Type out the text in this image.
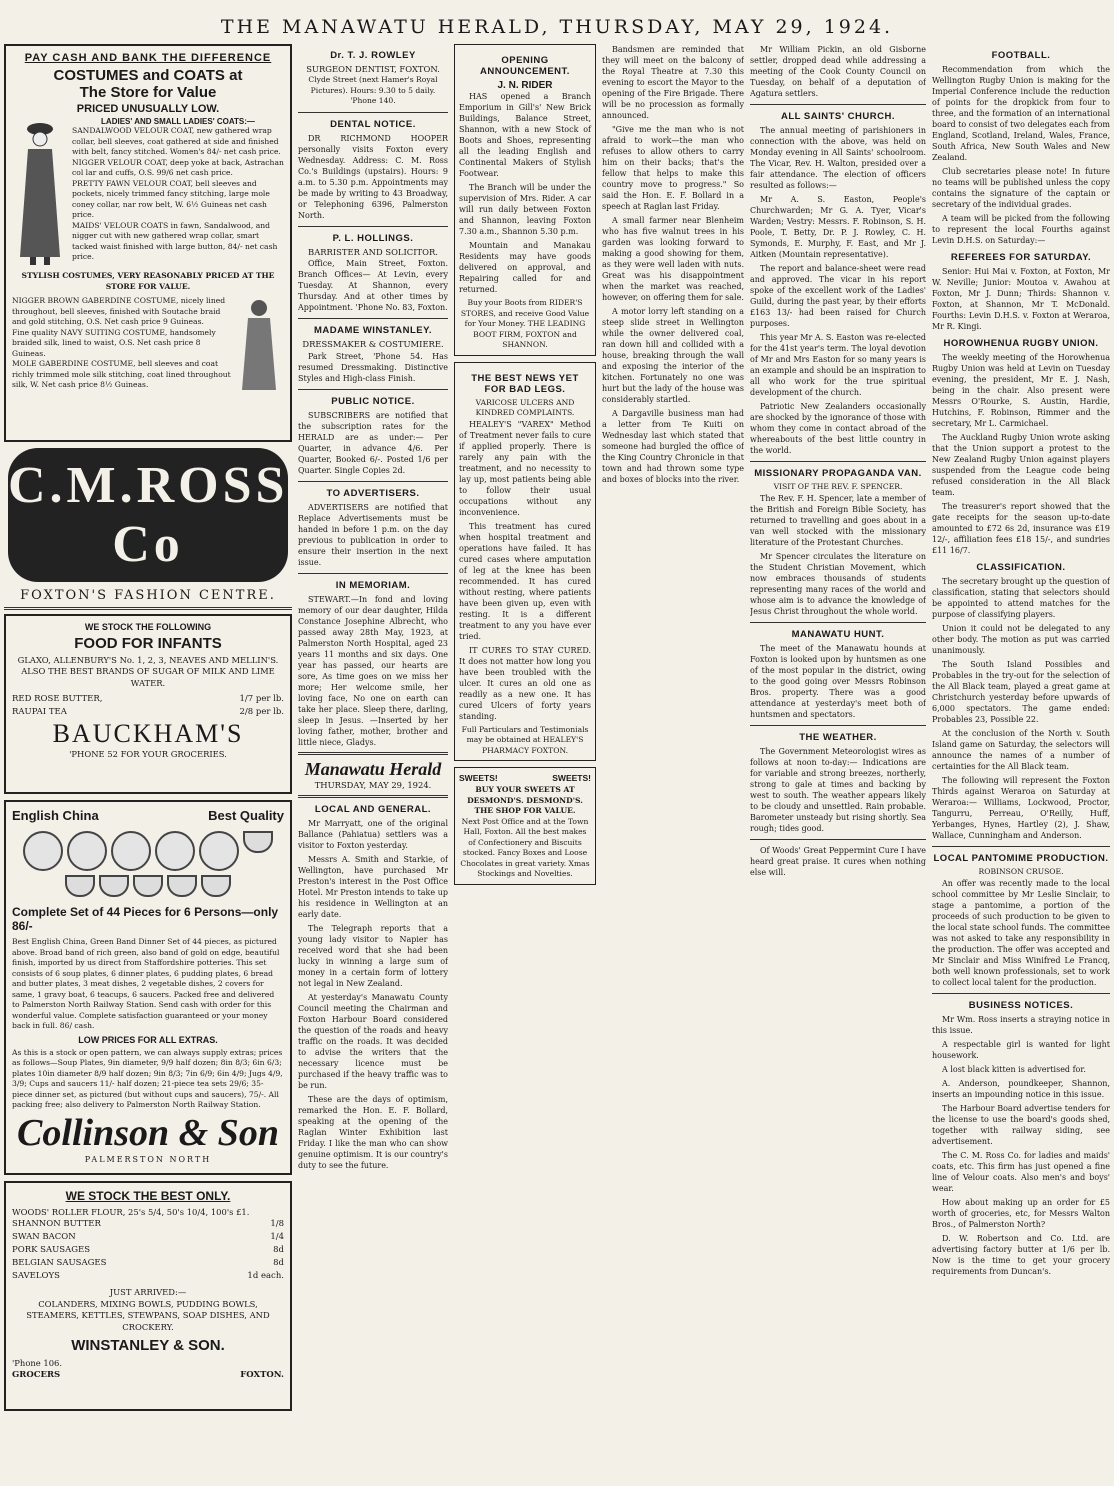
THE MANAWATU HERALD, THURSDAY, MAY 29, 1924.
PAY CASH AND BANK THE DIFFERENCE
COSTUMES and COATS at
The Store for Value
PRICED UNUSUALLY LOW.
LADIES' AND SMALL LADIES' COATS:—
SANDALWOOD VELOUR COAT, new gathered wrap collar, bell sleeves, coat gathered at side and finished with belt, fancy stitched. Women's 84/- net cash price.
NIGGER VELOUR COAT, deep yoke at back, Astrachan col lar and cuffs, O.S. 99/6 net cash price.
PRETTY FAWN VELOUR COAT, bell sleeves and pockets, nicely trimmed fancy stitching, large mole coney collar, nar row belt, W. 6½ Guineas net cash price.
MAIDS' VELOUR COATS in fawn, Sandalwood, and nigger cut with new gathered wrap collar, smart tacked waist finished with large button, 84/- net cash price.
STYLISH COSTUMES, VERY REASONABLY PRICED AT THE STORE FOR VALUE.
NIGGER BROWN GABERDINE COSTUME, nicely lined throughout, bell sleeves, finished with Soutache braid and gold stitching, O.S. Net cash price 9 Guineas.
Fine quality NAVY SUITING COSTUME, handsomely braided silk, lined to waist, O.S. Net cash price 8 Guineas.
MOLE GABERDINE COSTUME, bell sleeves and coat richly trimmed mole silk stitching, coat lined throughout silk, W. Net cash price 8½ Guineas.
C.M.ROSS Co
FOXTON'S FASHION CENTRE.
WE STOCK THE FOLLOWING
FOOD FOR INFANTS
GLAXO, ALLENBURY'S No. 1, 2, 3, NEAVES AND MELLIN'S.
ALSO THE BEST BRANDS OF SUGAR OF MILK AND LIME WATER.
RED ROSE BUTTER,	1/7 per lb.
RAUPAI TEA	2/8 per lb.
BAUCKHAM'S
'PHONE 52 FOR YOUR GROCERIES.
English China	Best Quality
Complete Set of 44 Pieces for 6 Persons—only 86/-
Best English China, Green Band Dinner Set of 44 pieces, as pictured above. Broad band of rich green, also band of gold on edge, beautiful finish, imported by us direct from Staffordshire potteries. This set consists of 6 soup plates, 6 dinner plates, 6 pudding plates, 6 bread and butter plates, 3 meat dishes, 2 vegetable dishes, 2 covers for same, 1 gravy boat, 6 teacups, 6 saucers. Packed free and delivered to Palmerston North Railway Station. Send cash with order for this wonderful value. Complete satisfaction guaranteed or your money back in full. 86/ cash.
LOW PRICES FOR ALL EXTRAS.
As this is a stock or open pattern, we can always supply extras; prices as follows—Soup Plates, 9in diameter, 9/9 half dozen; 8in 8/3; 6in 6/3; plates 10in diameter 8/9 half dozen; 9in 8/3; 7in 6/9; 6in 4/9; Jugs 4/9, 3/9; Cups and saucers 11/- half dozen; 21-piece tea sets 29/6; 35-piece dinner set, as pictured (but without cups and saucers), 75/-. All packing free; also delivery to Palmerston North Railway Station.
Collinson & Son
PALMERSTON NORTH
WE STOCK THE BEST ONLY.
WOODS' ROLLER FLOUR, 25's 5/4, 50's 10/4, 100's £1.
SHANNON BUTTER	1/8
SWAN BACON	1/4
PORK SAUSAGES	8d
BELGIAN SAUSAGES	8d
SAVELOYS	1d each.
JUST ARRIVED:—
COLANDERS, MIXING BOWLS, PUDDING BOWLS, STEAMERS, KETTLES, STEWPANS, SOAP DISHES, AND CROCKERY.
WINSTANLEY & SON.
'Phone 106.
GROCERS	FOXTON.
Dr. T. J. ROWLEY
SURGEON DENTIST, FOXTON.
Clyde Street (next Hamer's Royal Pictures). Hours: 9.30 to 5 daily. 'Phone 140.
DENTAL NOTICE.
DR RICHMOND HOOPER personally visits Foxton every Wednesday. Address: C. M. Ross Co.'s Buildings (upstairs). Hours: 9 a.m. to 5.30 p.m. Appointments may be made by writing to 43 Broadway, or Telephoning 6396, Palmerston North.
P. L. HOLLINGS.
BARRISTER AND SOLICITOR.
Office, Main Street, Foxton. Branch Offices— At Levin, every Tuesday. At Shannon, every Thursday. And at other times by Appointment. 'Phone No. 83, Foxton.
MADAME WINSTANLEY.
DRESSMAKER & COSTUMIERE.
Park Street, 'Phone 54. Has resumed Dressmaking. Distinctive Styles and High-class Finish.
PUBLIC NOTICE.
SUBSCRIBERS are notified that the subscription rates for the HERALD are as under:— Per Quarter, in advance 4/6. Per Quarter, Booked 6/-. Posted 1/6 per Quarter. Single Copies 2d.
TO ADVERTISERS.
ADVERTISERS are notified that Replace Advertisements must be handed in before 1 p.m. on the day previous to publication in order to ensure their insertion in the next issue.
IN MEMORIAM.
STEWART.—In fond and loving memory of our dear daughter, Hilda Constance Josephine Albrecht, who passed away 28th May, 1923, at Palmerston North Hospital, aged 23 years 11 months and six days. One year has passed, our hearts are sore, As time goes on we miss her more; Her welcome smile, her loving face, No one on earth can take her place. Sleep there, darling, sleep in Jesus. —Inserted by her loving father, mother, brother and little niece, Gladys.
Manawatu Herald
THURSDAY, MAY 29, 1924.
LOCAL AND GENERAL.
Mr Marryatt, one of the original Ballance (Pahiatua) settlers was a visitor to Foxton yesterday.
Messrs A. Smith and Starkie, of Wellington, have purchased Mr Preston's interest in the Post Office Hotel. Mr Preston intends to take up his residence in Wellington at an early date.
The Telegraph reports that a young lady visitor to Napier has received word that she had been lucky in winning a large sum of money in a certain form of lottery not legal in New Zealand.
At yesterday's Manawatu County Council meeting the Chairman and Foxton Harbour Board considered the question of the roads and heavy traffic on the roads. It was decided to advise the writers that the necessary licence must be purchased if the heavy traffic was to be run.
These are the days of optimism, remarked the Hon. E. F. Bollard, speaking at the opening of the Raglan Winter Exhibition last Friday. I like the man who can show genuine optimism. It is our country's duty to see the future.
OPENING ANNOUNCEMENT.
J. N. RIDER
HAS opened a Branch Emporium in Gill's' New Brick Buildings, Balance Street, Shannon, with a new Stock of Boots and Shoes, representing all the leading English and Continental Makers of Stylish Footwear.
The Branch will be under the supervision of Mrs. Rider. A car will run daily between Foxton and Shannon, leaving Foxton 7.30 a.m., Shannon 5.30 p.m.
Mountain and Manakau Residents may have goods delivered on approval, and Repairing called for and returned.
Buy your Boots from RIDER'S STORES, and receive Good Value for Your Money. THE LEADING BOOT FIRM, FOXTON and SHANNON.
THE BEST NEWS YET FOR BAD LEGS.
VARICOSE ULCERS AND KINDRED COMPLAINTS.
HEALEY'S "VAREX" Method of Treatment never fails to cure if applied properly. There is rarely any pain with the treatment, and no necessity to lay up, most patients being able to follow their usual occupations without any inconvenience.
This treatment has cured when hospital treatment and operations have failed. It has cured cases where amputation of leg at the knee has been recommended. It has cured without resting, where patients have been given up, even with resting. It is a different treatment to any you have ever tried.
IT CURES TO STAY CURED. It does not matter how long you have been troubled with the ulcer. It cures an old one as readily as a new one. It has cured Ulcers of forty years standing.
Full Particulars and Testimonials may be obtained at HEALEY'S PHARMACY FOXTON.
SWEETS!	SWEETS!
BUY YOUR SWEETS AT DESMOND'S. DESMOND'S. THE SHOP FOR VALUE.
Next Post Office and at the Town Hall, Foxton. All the best makes of Confectionery and Biscuits stocked. Fancy Boxes and Loose Chocolates in great variety. Xmas Stockings and Novelties.
Bandsmen are reminded that they will meet on the balcony of the Royal Theatre at 7.30 this evening to escort the Mayor to the opening of the Fire Brigade. There will be no procession as formally announced.
"Give me the man who is not afraid to work—the man who refuses to allow others to carry him on their backs; that's the fellow that helps to make this country move to progress." So said the Hon. E. F. Bollard in a speech at Raglan last Friday.
A small farmer near Blenheim who has five walnut trees in his garden was looking forward to making a good showing for them, as they were well laden with nuts. Great was his disappointment when the market was reached, however, on offering them for sale.
A motor lorry left standing on a steep slide street in Wellington while the owner delivered coal, ran down hill and collided with a house, breaking through the wall and exposing the interior of the kitchen. Fortunately no one was hurt but the lady of the house was considerably startled.
A Dargaville business man had a letter from Te Kuiti on Wednesday last which stated that someone had burgled the office of the King Country Chronicle in that town and had thrown some type and boxes of blocks into the river.
Mr William Pickin, an old Gisborne settler, dropped dead while addressing a meeting of the Cook County Council on Tuesday, on behalf of a deputation of Agatura settlers.
ALL SAINTS' CHURCH.
The annual meeting of parishioners in connection with the above, was held on Monday evening in All Saints' schoolroom. The Vicar, Rev. H. Walton, presided over a fair attendance. The election of officers resulted as follows:—
Mr A. S. Easton, People's Churchwarden; Mr G. A. Tyer, Vicar's Warden; Vestry: Messrs. F. Robinson, S. H. Poole, T. Betty, Dr. P. J. Rowley, C. H. Symonds, E. Murphy, F. East, and Mr J. Aitken (Mountain representative).
The report and balance-sheet were read and approved. The vicar in his report spoke of the excellent work of the Ladies' Guild, during the past year, by their efforts £163 13/- had been raised for Church purposes.
This year Mr A. S. Easton was re-elected for the 41st year's term. The loyal devotion of Mr and Mrs Easton for so many years is an example and should be an inspiration to all who work for the true spiritual development of the church.
Patriotic New Zealanders occasionally are shocked by the ignorance of those with whom they come in contact abroad of the whereabouts of the best little country in the world.
MISSIONARY PROPAGANDA VAN.
VISIT OF THE REV. F. SPENCER.
The Rev. F. H. Spencer, late a member of the British and Foreign Bible Society, has returned to travelling and goes about in a van well stocked with the missionary literature of the Protestant Churches.
Mr Spencer circulates the literature on the Student Christian Movement, which now embraces thousands of students representing many races of the world and whose aim is to advance the knowledge of Jesus Christ throughout the whole world.
MANAWATU HUNT.
The meet of the Manawatu hounds at Foxton is looked upon by huntsmen as one of the most popular in the district, owing to the good going over Messrs Robinson Bros. property. There was a good attendance at yesterday's meet both of huntsmen and spectators.
THE WEATHER.
The Government Meteorologist wires as follows at noon to-day:— Indications are for variable and strong breezes, northerly, strong to gale at times and backing by west to south. The weather appears likely to be cloudy and unsettled. Rain probable. Barometer unsteady but rising shortly. Sea rough; tides good.
Of Woods' Great Peppermint Cure I have heard great praise. It cures when nothing else will.
FOOTBALL.
Recommendation from which the Wellington Rugby Union is making for the Imperial Conference include the reduction of points for the dropkick from four to three, and the formation of an international board to consist of two delegates each from England, Scotland, Ireland, Wales, France, South Africa, New South Wales and New Zealand.
Club secretaries please note! In future no teams will be published unless the copy contains the signature of the captain or secretary of the individual grades.
A team will be picked from the following to represent the local Fourths against Levin D.H.S. on Saturday:—
REFEREES FOR SATURDAY.
Senior: Hui Mai v. Foxton, at Foxton, Mr W. Neville; Junior: Moutoa v. Awahou at Foxton, Mr J. Dunn; Thirds: Shannon v. Foxton, at Shannon, Mr T. McDonald. Fourths: Levin D.H.S. v. Foxton at Weraroa, Mr R. Kingi.
HOROWHENUA RUGBY UNION.
The weekly meeting of the Horowhenua Rugby Union was held at Levin on Tuesday evening, the president, Mr E. J. Nash, being in the chair. Also present were Messrs O'Rourke, S. Austin, Hardie, Hutchins, F. Robinson, Rimmer and the secretary, Mr L. Carmichael.
The Auckland Rugby Union wrote asking that the Union support a protest to the New Zealand Rugby Union against players suspended from the League code being refused consideration in the All Black team.
The treasurer's report showed that the gate receipts for the season up-to-date amounted to £72 6s 2d, insurance was £19 12/-, affiliation fees £18 15/-, and sundries £11 16/7.
CLASSIFICATION.
The secretary brought up the question of classification, stating that selectors should be appointed to attend matches for the purpose of classifying players.
Union it could not be delegated to any other body. The motion as put was carried unanimously.
The South Island Possibles and Probables in the try-out for the selection of the All Black team, played a great game at Christchurch yesterday before upwards of 6,000 spectators. The game ended: Probables 23, Possible 22.
At the conclusion of the North v. South Island game on Saturday, the selectors will announce the names of a number of certainties for the All Black team.
The following will represent the Foxton Thirds against Weraroa on Saturday at Weraroa:— Williams, Lockwood, Proctor, Tangurru, Perreau, O'Reilly, Huff, Yerbanges, Hynes, Hartley (2), J. Shaw, Wallace, Cunningham and Anderson.
LOCAL PANTOMIME PRODUCTION.
ROBINSON CRUSOE.
An offer was recently made to the local school committee by Mr Leslie Sinclair, to stage a pantomime, a portion of the proceeds of such production to be given to the local state school funds. The committee was not asked to take any responsibility in the production. The offer was accepted and Mr Sinclair and Miss Winifred Le Francq, both well known professionals, set to work to collect local talent for the production.
BUSINESS NOTICES.
Mr Wm. Ross inserts a straying notice in this issue.
A respectable girl is wanted for light housework.
A lost black kitten is advertised for.
A. Anderson, poundkeeper, Shannon, inserts an impounding notice in this issue.
The Harbour Board advertise tenders for the license to use the board's goods shed, together with railway siding, see advertisement.
The C. M. Ross Co. for ladies and maids' coats, etc. This firm has just opened a fine line of Velour coats. Also men's and boys' wear.
How about making up an order for £5 worth of groceries, etc, for Messrs Walton Bros., of Palmerston North?
D. W. Robertson and Co. Ltd. are advertising factory butter at 1/6 per lb. Now is the time to get your grocery requirements from Duncan's.
